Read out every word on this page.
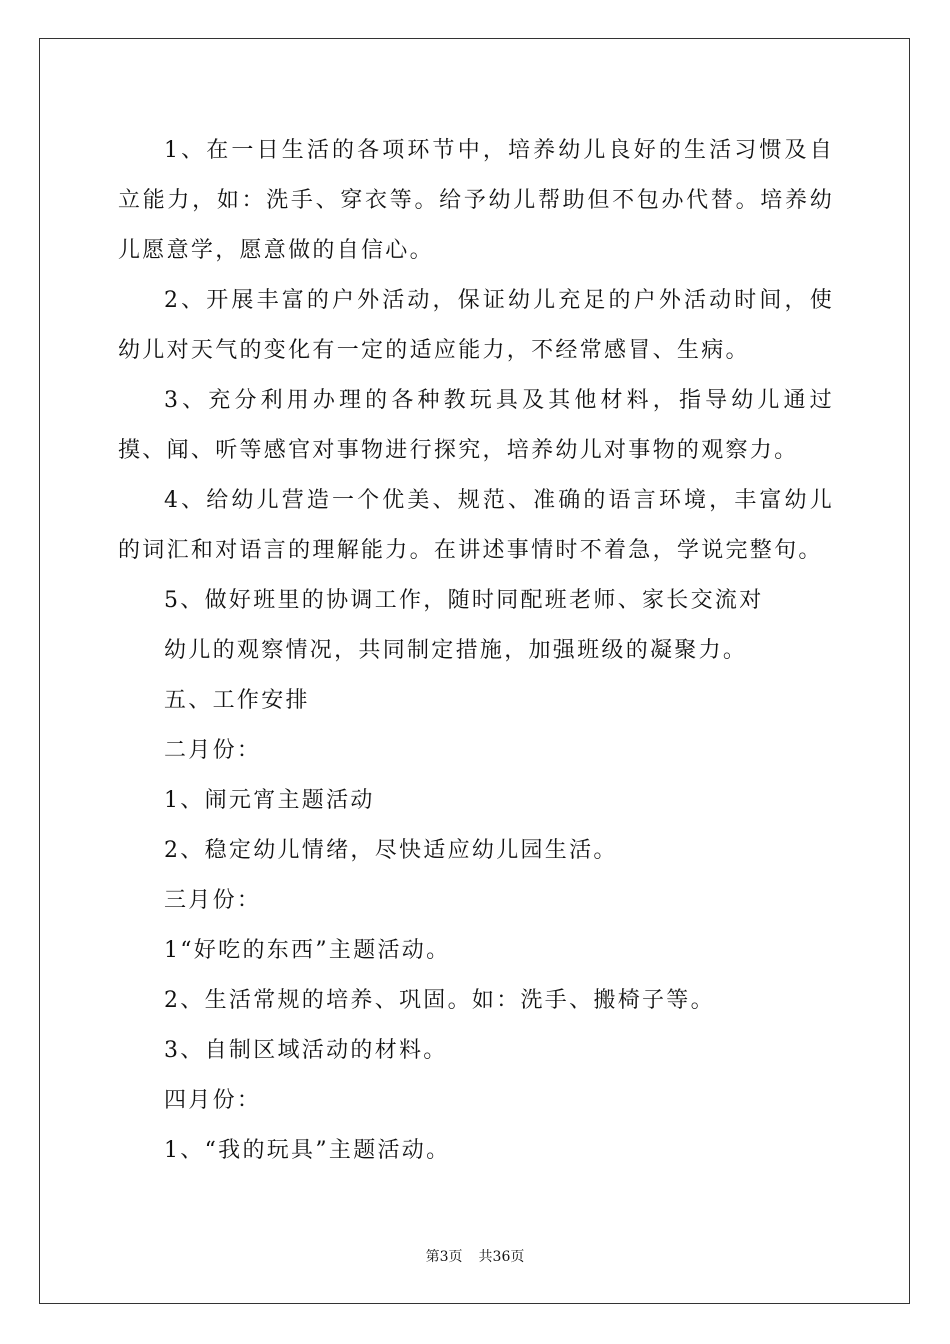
1、在一日生活的各项环节中，培养幼儿良好的生活习惯及自立能力，如：洗手、穿衣等。给予幼儿帮助但不包办代替。培养幼儿愿意学，愿意做的自信心。

2、开展丰富的户外活动，保证幼儿充足的户外活动时间，使幼儿对天气的变化有一定的适应能力，不经常感冒、生病。

3、充分利用办理的各种教玩具及其他材料，指导幼儿通过摸、闻、听等感官对事物进行探究，培养幼儿对事物的观察力。

4、给幼儿营造一个优美、规范、准确的语言环境，丰富幼儿的词汇和对语言的理解能力。在讲述事情时不着急，学说完整句。

5、做好班里的协调工作，随时同配班老师、家长交流对

幼儿的观察情况，共同制定措施，加强班级的凝聚力。

五、工作安排

二月份：

1、闹元宵主题活动

2、稳定幼儿情绪，尽快适应幼儿园生活。

三月份：

1“好吃的东西”主题活动。

2、生活常规的培养、巩固。如：洗手、搬椅子等。

3、自制区域活动的材料。

四月份：

1、“我的玩具”主题活动。

第3页 共36页
